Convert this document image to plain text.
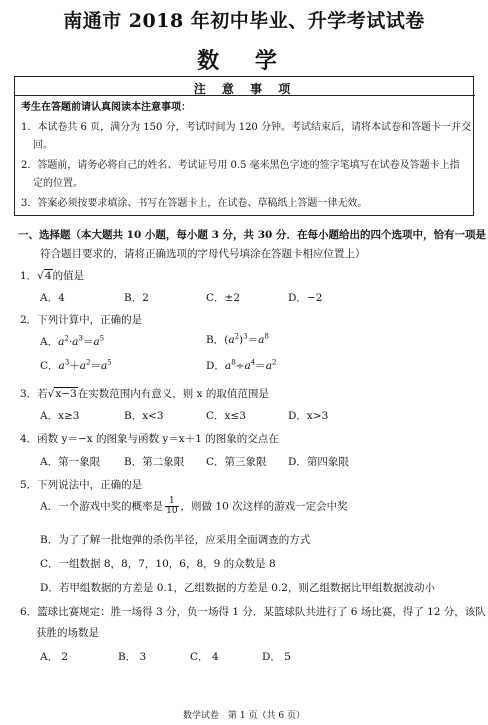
南通市 2018 年初中毕业、升学考试试卷
数 学
注 意 事 项
考生在答题前请认真阅读本注意事项：
1．本试卷共 6 页，满分为 150 分，考试时间为 120 分钟。考试结束后，请将本试卷和答题卡一并交
回。
2．答题前，请务必将自己的姓名、考试证号用 0.5 毫米黑色字迹的签字笔填写在试卷及答题卡上指
定的位置。
3．答案必须按要求填涂、书写在答题卡上，在试卷、草稿纸上答题一律无效。
一、选择题（本大题共 10 小题，每小题 3 分，共 30 分．在每小题给出的四个选项中，恰有一项是
符合题目要求的，请将正确选项的字母代号填涂在答题卡相应位置上）
1．√4的值是
A．4	B．2	C．±2	D．−2
2．下列计算中，正确的是
A．$a^2\cdot a^3=a^5$	B．$(a^2)^3=a^8$
C．$a^3+a^2=a^5$	D．$a^8\div a^4=a^2$
3．若√x−3在实数范围内有意义，则 x 的取值范围是
A．x≥3	B．x<3	C．x≤3	D．x>3
4．函数 y＝−x 的图象与函数 y＝x＋1 的图象的交点在
A．第一象限 B．第二象限 C．第三象限 D．第四象限
5．下列说法中，正确的是
A．一个游戏中奖的概率是 $\frac{1}{10}$ ，则做 10 次这样的游戏一定会中奖
B．为了了解一批炮弹的杀伤半径，应采用全面调查的方式
C．一组数据 8，8，7，10，6，8，9 的众数是 8
D．若甲组数据的方差是 0.1，乙组数据的方差是 0.2，则乙组数据比甲组数据波动小
6．篮球比赛规定：胜一场得 3 分，负一场得 1 分．某篮球队共进行了 6 场比赛，得了 12 分，该队
获胜的场数是
A． 2	B． 3	C． 4	D． 5
数学试卷　第 1 页（共 6 页）
